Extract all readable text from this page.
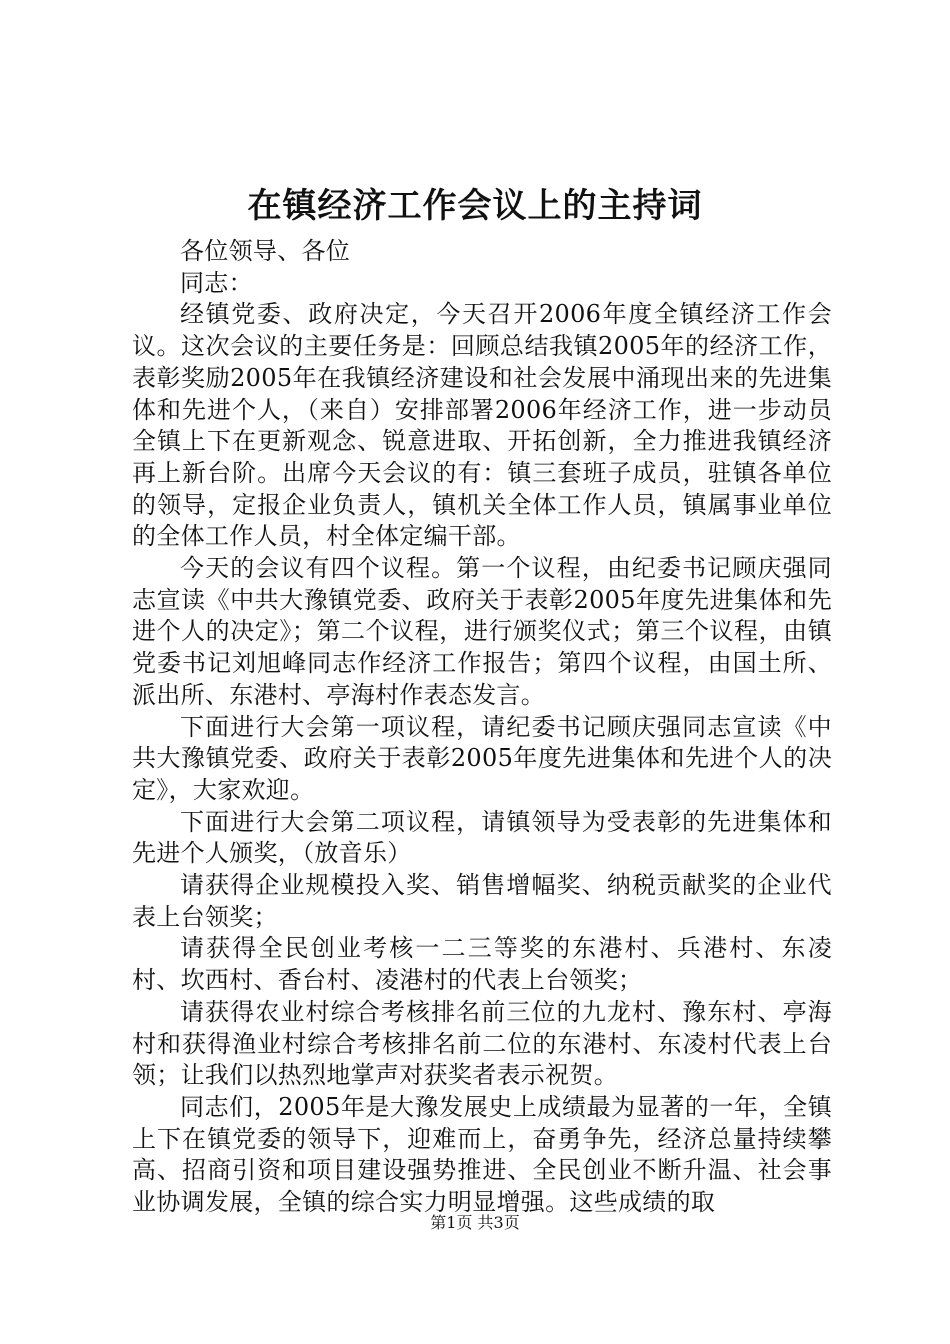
在镇经济工作会议上的主持词

各位领导、各位

同志：

经镇党委、政府决定，今天召开2006年度全镇经济工作会议。这次会议的主要任务是：回顾总结我镇2005年的经济工作，表彰奖励2005年在我镇经济建设和社会发展中涌现出来的先进集体和先进个人，（来自）安排部署2006年经济工作，进一步动员全镇上下在更新观念、锐意进取、开拓创新，全力推进我镇经济再上新台阶。出席今天会议的有：镇三套班子成员，驻镇各单位的领导，定报企业负责人，镇机关全体工作人员，镇属事业单位的全体工作人员，村全体定编干部。

今天的会议有四个议程。第一个议程，由纪委书记顾庆强同志宣读《中共大豫镇党委、政府关于表彰2005年度先进集体和先进个人的决定》；第二个议程，进行颁奖仪式；第三个议程，由镇党委书记刘旭峰同志作经济工作报告；第四个议程，由国土所、派出所、东港村、亭海村作表态发言。

下面进行大会第一项议程，请纪委书记顾庆强同志宣读《中共大豫镇党委、政府关于表彰2005年度先进集体和先进个人的决定》，大家欢迎。

下面进行大会第二项议程，请镇领导为受表彰的先进集体和先进个人颁奖，（放音乐）

请获得企业规模投入奖、销售增幅奖、纳税贡献奖的企业代表上台领奖；

请获得全民创业考核一二三等奖的东港村、兵港村、东凌村、坎西村、香台村、凌港村的代表上台领奖；

请获得农业村综合考核排名前三位的九龙村、豫东村、亭海村和获得渔业村综合考核排名前二位的东港村、东凌村代表上台领；让我们以热烈地掌声对获奖者表示祝贺。

同志们，2005年是大豫发展史上成绩最为显著的一年，全镇上下在镇党委的领导下，迎难而上，奋勇争先，经济总量持续攀高、招商引资和项目建设强势推进、全民创业不断升温、社会事业协调发展，全镇的综合实力明显增强。这些成绩的取

第1页 共3页
